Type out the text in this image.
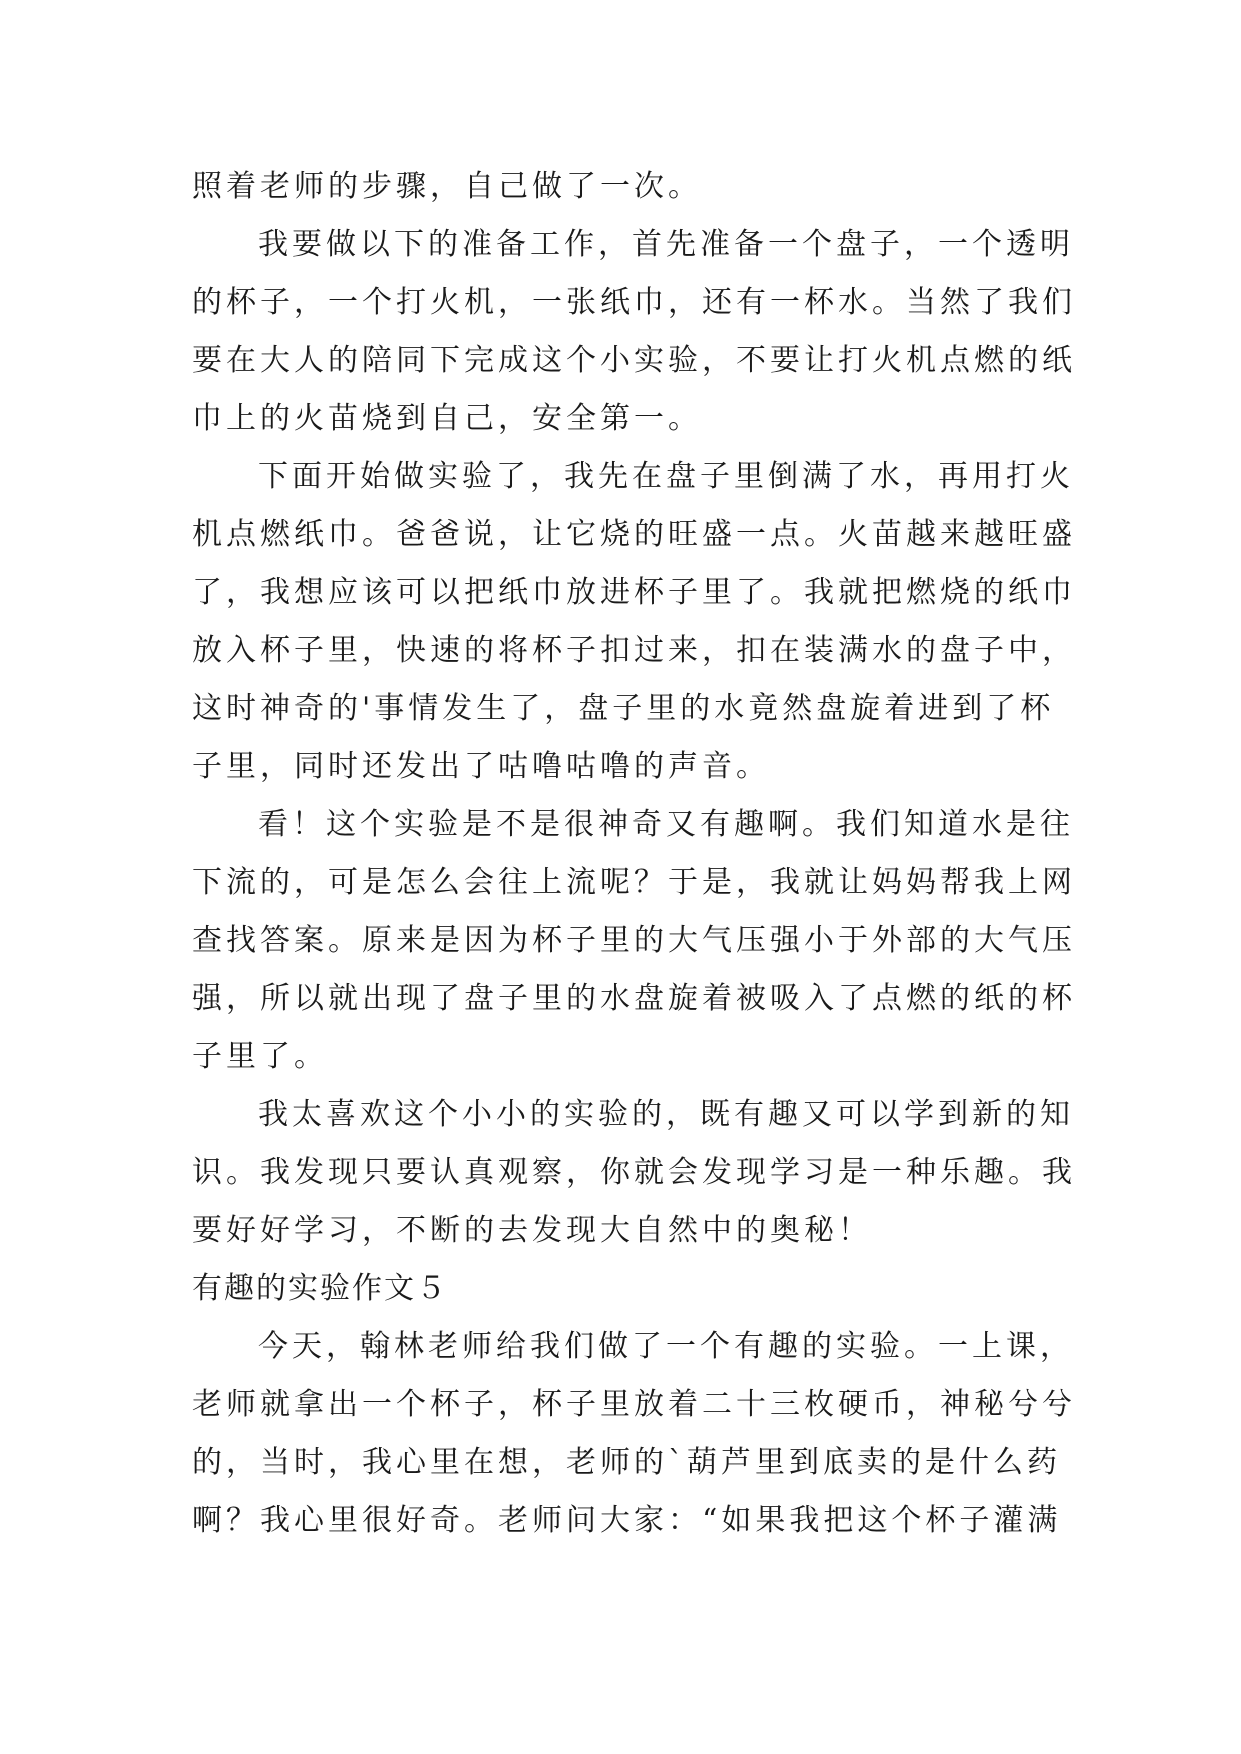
照着老师的步骤，自己做了一次。

我要做以下的准备工作，首先准备一个盘子，一个透明

的杯子，一个打火机，一张纸巾，还有一杯水。当然了我们

要在大人的陪同下完成这个小实验，不要让打火机点燃的纸

巾上的火苗烧到自己，安全第一。

下面开始做实验了，我先在盘子里倒满了水，再用打火

机点燃纸巾。爸爸说，让它烧的旺盛一点。火苗越来越旺盛

了，我想应该可以把纸巾放进杯子里了。我就把燃烧的纸巾

放入杯子里，快速的将杯子扣过来，扣在装满水的盘子中，

这时神奇的'事情发生了，盘子里的水竟然盘旋着进到了杯

子里，同时还发出了咕噜咕噜的声音。

看！这个实验是不是很神奇又有趣啊。我们知道水是往

下流的，可是怎么会往上流呢？于是，我就让妈妈帮我上网

查找答案。原来是因为杯子里的大气压强小于外部的大气压

强，所以就出现了盘子里的水盘旋着被吸入了点燃的纸的杯

子里了。

我太喜欢这个小小的实验的，既有趣又可以学到新的知

识。我发现只要认真观察，你就会发现学习是一种乐趣。我

要好好学习，不断的去发现大自然中的奥秘！

有趣的实验作文５

今天，翰林老师给我们做了一个有趣的实验。一上课，

老师就拿出一个杯子，杯子里放着二十三枚硬币，神秘兮兮

的，当时，我心里在想，老师的`葫芦里到底卖的是什么药

啊？我心里很好奇。老师问大家：“如果我把这个杯子灌满
